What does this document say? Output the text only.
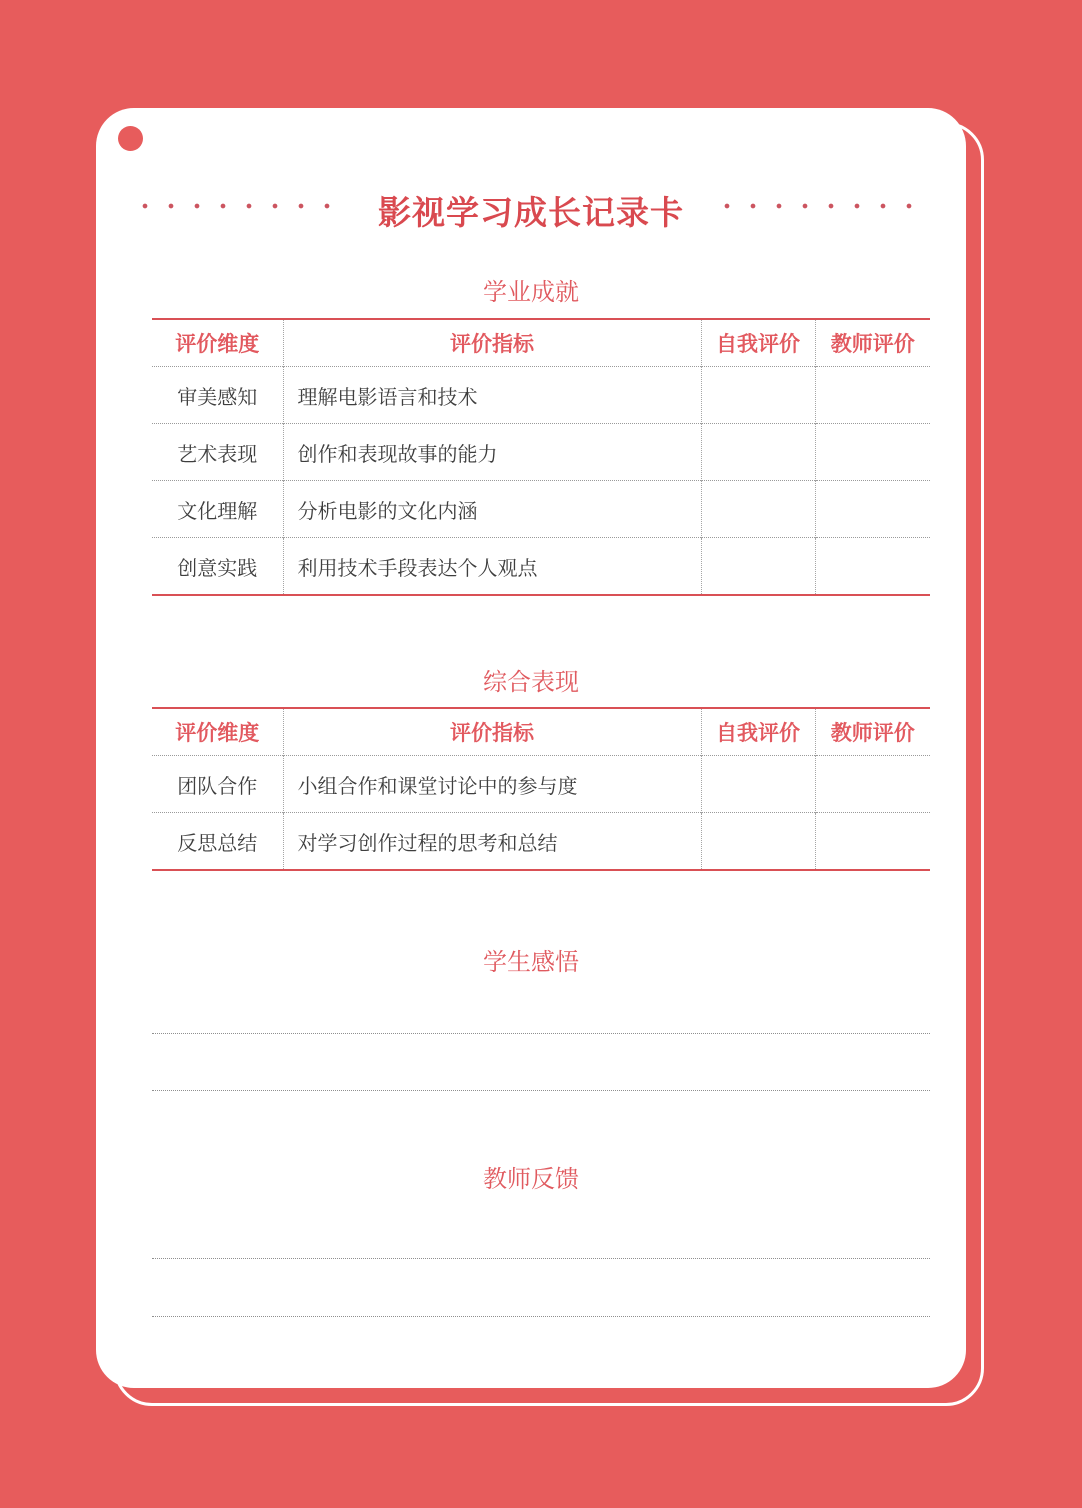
影视学习成长记录卡
学业成就
评价维度	评价指标	自我评价	教师评价
审美感知	理解电影语言和技术		
艺术表现	创作和表现故事的能力		
文化理解	分析电影的文化内涵		
创意实践	利用技术手段表达个人观点		
综合表现
评价维度	评价指标	自我评价	教师评价
团队合作	小组合作和课堂讨论中的参与度		
反思总结	对学习创作过程的思考和总结		
学生感悟
教师反馈
